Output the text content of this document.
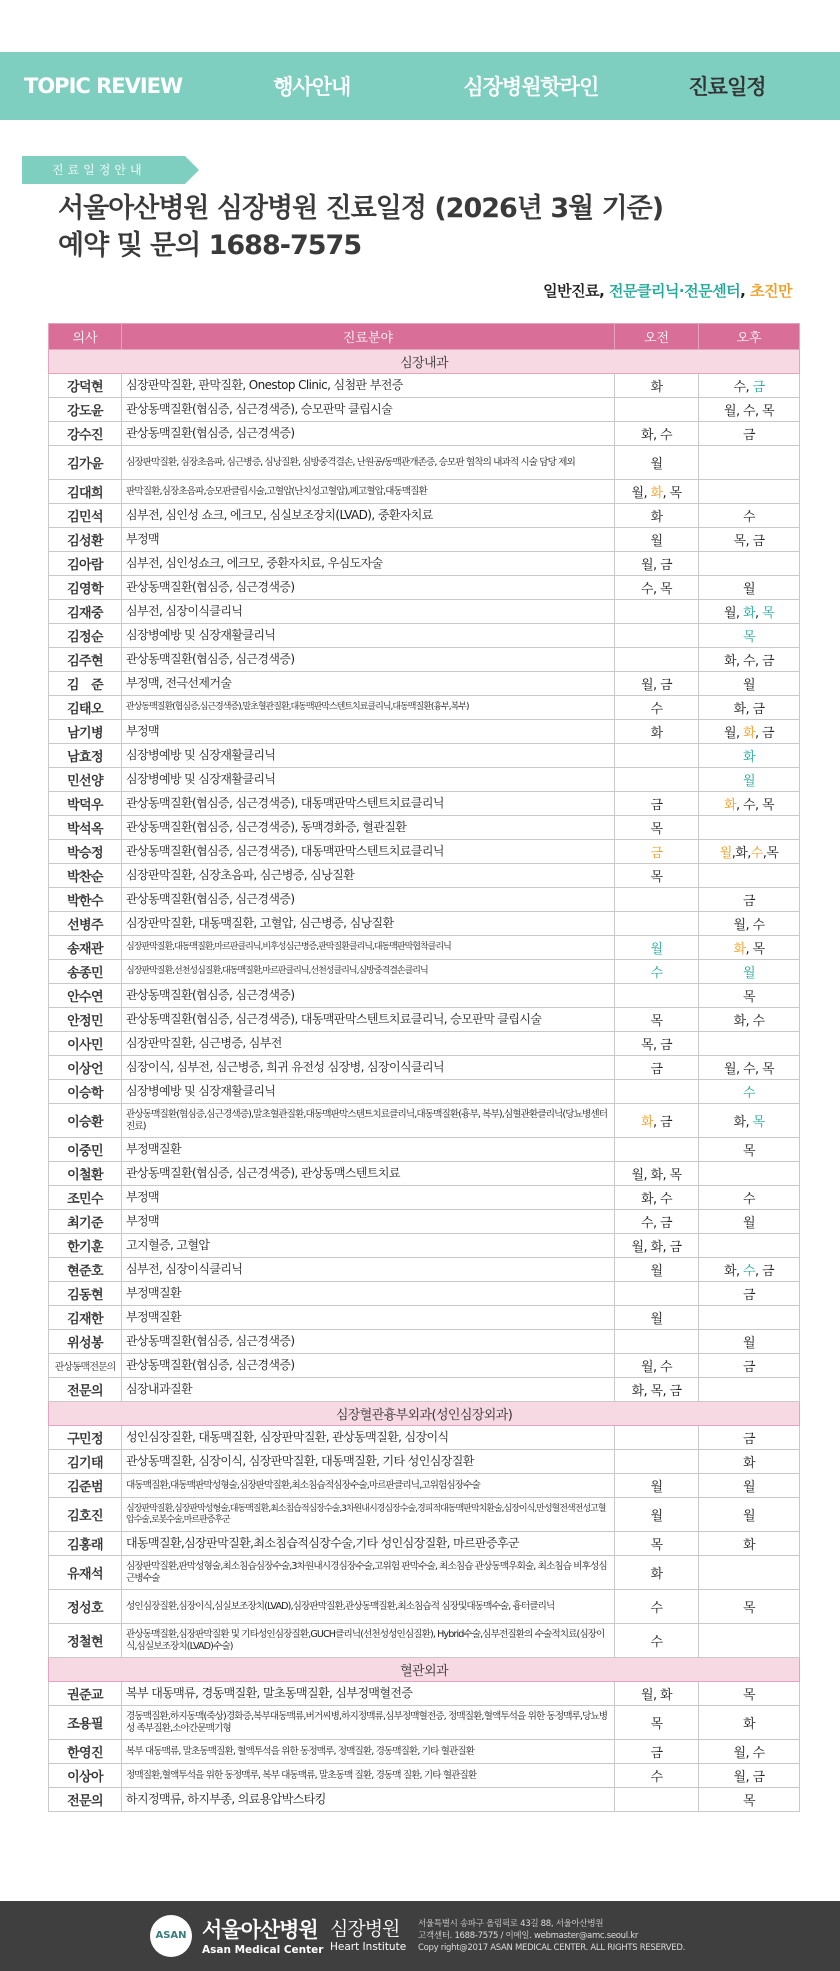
TOPIC REVIEW	행사안내	심장병원핫라인	진료일정
진료일정안내
서울아산병원 심장병원 진료일정 (2026년 3월 기준)
예약 및 문의 1688-7575
일반진료, 전문클리닉·전문센터, 초진만
의사	진료분야	오전	오후
심장내과			
강덕현	심장판막질환, 판막질환, Onestop Clinic, 심첨판 부전증	화	수, 금
강도윤	관상동맥질환(협심증, 심근경색증), 승모판막 클립시술		월, 수, 목
강수진	관상동맥질환(협심증, 심근경색증)	화, 수	금
김가윤	심장판막질환, 심장초음파, 심근병증, 심낭질환, 심방중격결손, 난원공/동맥관개존증, 승모판 협착의 내과적 시술 담당 제외	월	
김대희	판막질환,심장초음파,승모판클립시술,고혈압(난치성고혈압),폐고혈압,대동맥질환	월, 화, 목	
김민석	심부전, 심인성 쇼크, 에크모, 심실보조장치(LVAD), 중환자치료	화	수
김성환	부정맥	월	목, 금
김아람	심부전, 심인성쇼크, 에크모, 중환자치료, 우심도자술	월, 금	
김영학	관상동맥질환(협심증, 심근경색증)	수, 목	월
김재중	심부전, 심장이식클리닉		월, 화, 목
김정순	심장병예방 및 심장재활클리닉		목
김주현	관상동맥질환(협심증, 심근경색증)		화, 수, 금
김　준	부정맥, 전극선제거술	월, 금	월
김태오	관상동맥질환(협심증,심근경색증),말초혈관질환,대동맥판막스텐트치료클리닉,대동맥질환(흉부,복부)	수	화, 금
남기병	부정맥	화	월, 화, 금
남효정	심장병예방 및 심장재활클리닉		화
민선양	심장병예방 및 심장재활클리닉		월
박덕우	관상동맥질환(협심증, 심근경색증), 대동맥판막스텐트치료클리닉	금	화, 수, 목
박석옥	관상동맥질환(협심증, 심근경색증), 동맥경화증, 혈관질환	목	
박승정	관상동맥질환(협심증, 심근경색증), 대동맥판막스텐트치료클리닉	금	월,화,수,목
박찬순	심장판막질환, 심장초음파, 심근병증, 심낭질환	목	
박한수	관상동맥질환(협심증, 심근경색증)		금
선병주	심장판막질환, 대동맥질환, 고혈압, 심근병증, 심낭질환		월, 수
송재관	심장판막질환,대동맥질환,마르판클리닉,비후성심근병증,판막질환클리닉,대동맥판막협착클리닉	월	화, 목
송종민	심장판막질환,선천성심질환,대동맥질환,마르판클리닉,선천성클리닉,심방중격결손클리닉	수	월
안수연	관상동맥질환(협심증, 심근경색증)		목
안정민	관상동맥질환(협심증, 심근경색증), 대동맥판막스텐트치료클리닉, 승모판막 클립시술	목	화, 수
이사민	심장판막질환, 심근병증, 심부전	목, 금	
이상언	심장이식, 심부전, 심근병증, 희귀 유전성 심장병, 심장이식클리닉	금	월, 수, 목
이승학	심장병예방 및 심장재활클리닉		수
이승환	관상동맥질환(협심증,심근경색증),말초혈관질환,대동맥판막스텐트치료클리닉,대동맥질환(흉부, 복부),심혈관환클리닉(당뇨병센터진료)	화, 금	화, 목
이중민	부정맥질환		목
이철환	관상동맥질환(협심증, 심근경색증), 관상동맥스텐트치료	월, 화, 목	
조민수	부정맥	화, 수	수
최기준	부정맥	수, 금	월
한기훈	고지혈증, 고혈압	월, 화, 금	
현준호	심부전, 심장이식클리닉	월	화, 수, 금
김동현	부정맥질환		금
김재한	부정맥질환	월	
위성봉	관상동맥질환(협심증, 심근경색증)		월
관상동맥전문의	관상동맥질환(협심증, 심근경색증)	월, 수	금
전문의	심장내과질환	화, 목, 금	
심장혈관흉부외과(성인심장외과)			
구민정	성인심장질환, 대동맥질환, 심장판막질환, 관상동맥질환, 심장이식		금
김기태	관상동맥질환, 심장이식, 심장판막질환, 대동맥질환, 기타 성인심장질환		화
김준범	대동맥질환,대동맥판막성형술,심장판막질환,최소침습적심장수술,마르판클리닉,고위험심장수술	월	월
김호진	심장판막질환,심장판막성형술,대동맥질환,최소침습적심장수술,3차원내시경심장수술,경피적대동맥판막치환술,심장이식,만성혈전색전성고혈압수술,로봇수술,마르판증후군	월	월
김홍래	대동맥질환,심장판막질환,최소침습적심장수술,기타 성인심장질환, 마르판증후군	목	화
유재석	심장판막질환,판막성형술,최소침습심장수술,3차원내시경심장수술,고위험 판막수술, 최소침습 관상동맥우회술, 최소침습 비후성심근병수술	화	
정성호	성인심장질환,심장이식,심실보조장치(LVAD),심장판막질환,관상동맥질환,최소침습적 심장및대동맥수술, 흉터클리닉	수	목
정철현	관상동맥질환,심장판막질환 및 기타성인심장질환,GUCH클리닉(선천성성인심질환), Hybrid수술,심부전질환의 수술적치료(심장이식,심실보조장치(LVAD)수술)	수	
혈관외과			
권준교	복부 대동맥류, 경동맥질환, 말초동맥질환, 심부정맥혈전증	월, 화	목
조용필	경동맥질환,하지동맥(죽상)경화증,복부대동맥류,버거씨병,하지정맥류,심부정맥혈전증, 정맥질환,혈액투석을 위한 동정맥루,당뇨병성 족부질환,소아간문맥기형	목	화
한영진	복부 대동맥류, 말초동맥질환, 혈액투석을 위한 동정맥루, 정맥질환, 경동맥질환, 기타 혈관질환	금	월, 수
이상아	정맥질환,혈액투석을 위한 동정맥루, 복부 대동맥류, 말초동맥 질환, 경동맥 질환, 기타 혈관질환	수	월, 금
전문의	하지정맥류, 하지부종, 의료용압박스타킹		목
ASAN 서울아산병원
Asan Medical Center
심장병원
Heart Institute
서울특별시 송파구 올림픽로 43길 88, 서울아산병원
고객센터. 1688-7575 / 이메일. webmaster@amc.seoul.kr
Copy right@2017 ASAN MEDICAL CENTER. ALL RIGHTS RESERVED.
